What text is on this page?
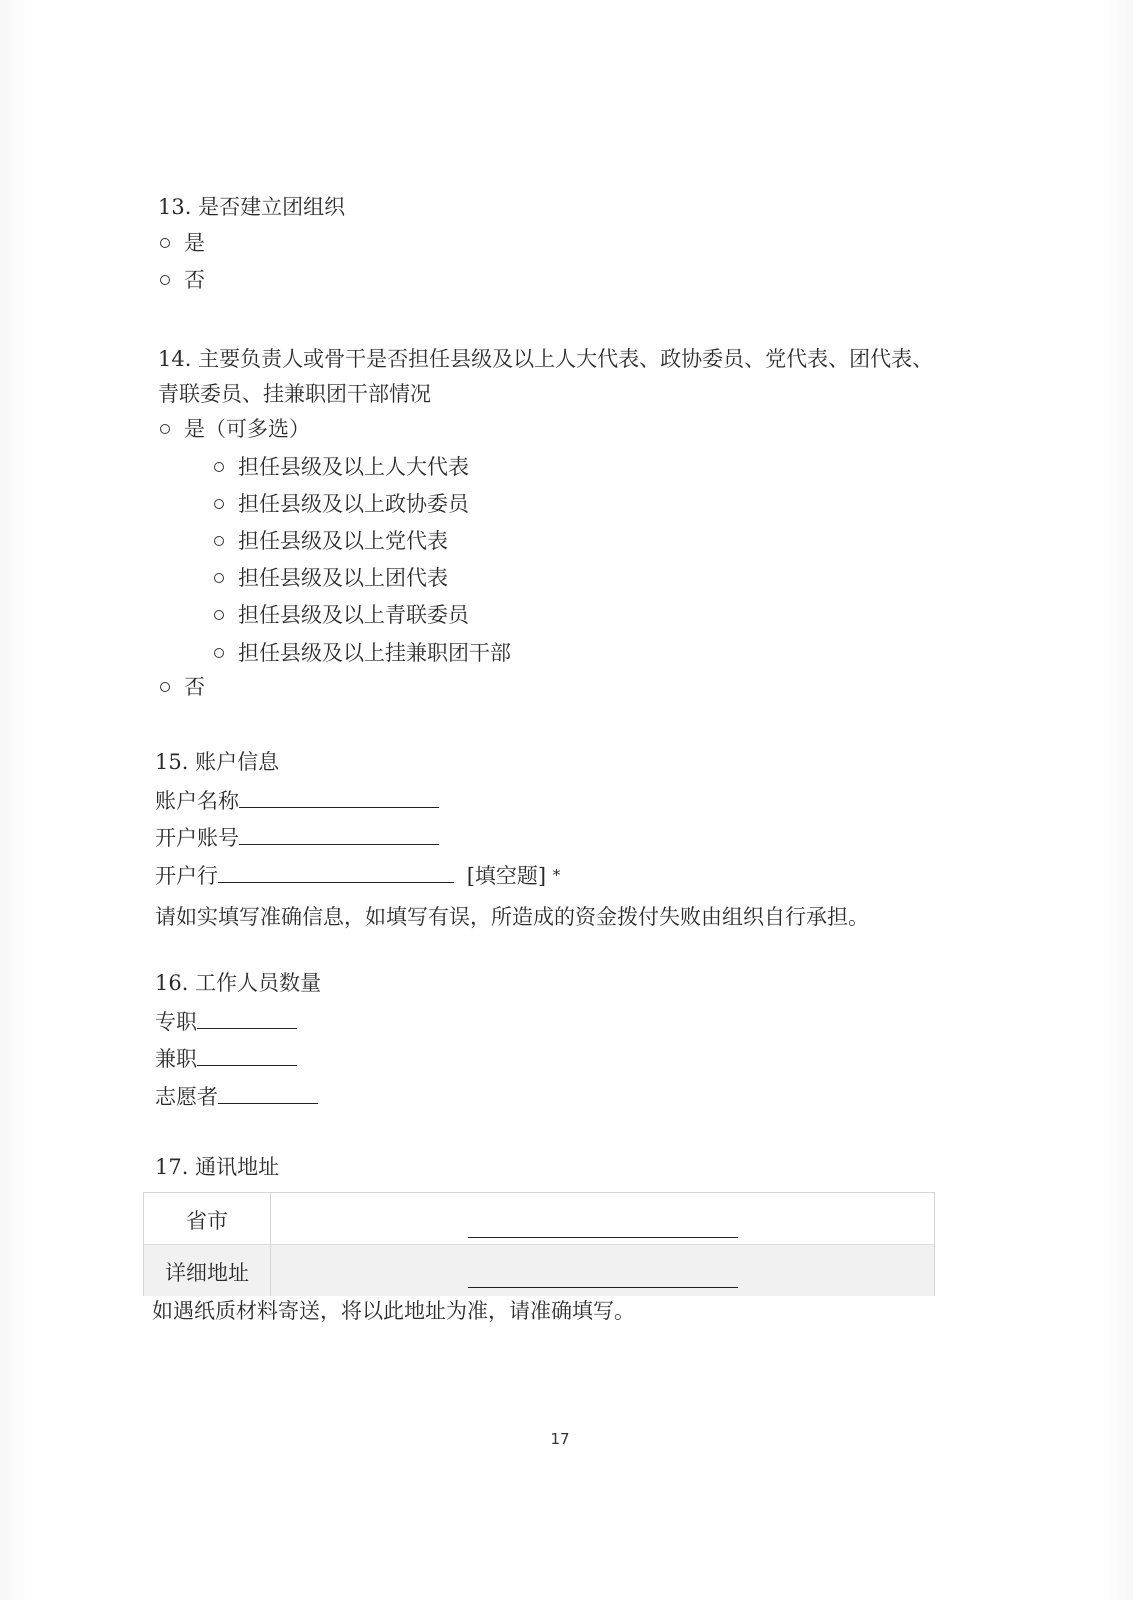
13. 是否建立团组织
是
否
14. 主要负责人或骨干是否担任县级及以上人大代表、政协委员、党代表、团代表、
青联委员、挂兼职团干部情况
是（可多选）
担任县级及以上人大代表
担任县级及以上政协委员
担任县级及以上党代表
担任县级及以上团代表
担任县级及以上青联委员
担任县级及以上挂兼职团干部
否
15. 账户信息
账户名称
开户账号
开户行	[填空题] *
请如实填写准确信息，如填写有误，所造成的资金拨付失败由组织自行承担。
16. 工作人员数量
专职
兼职
志愿者
17. 通讯地址
省市
详细地址
如遇纸质材料寄送，将以此地址为准，请准确填写。
17
